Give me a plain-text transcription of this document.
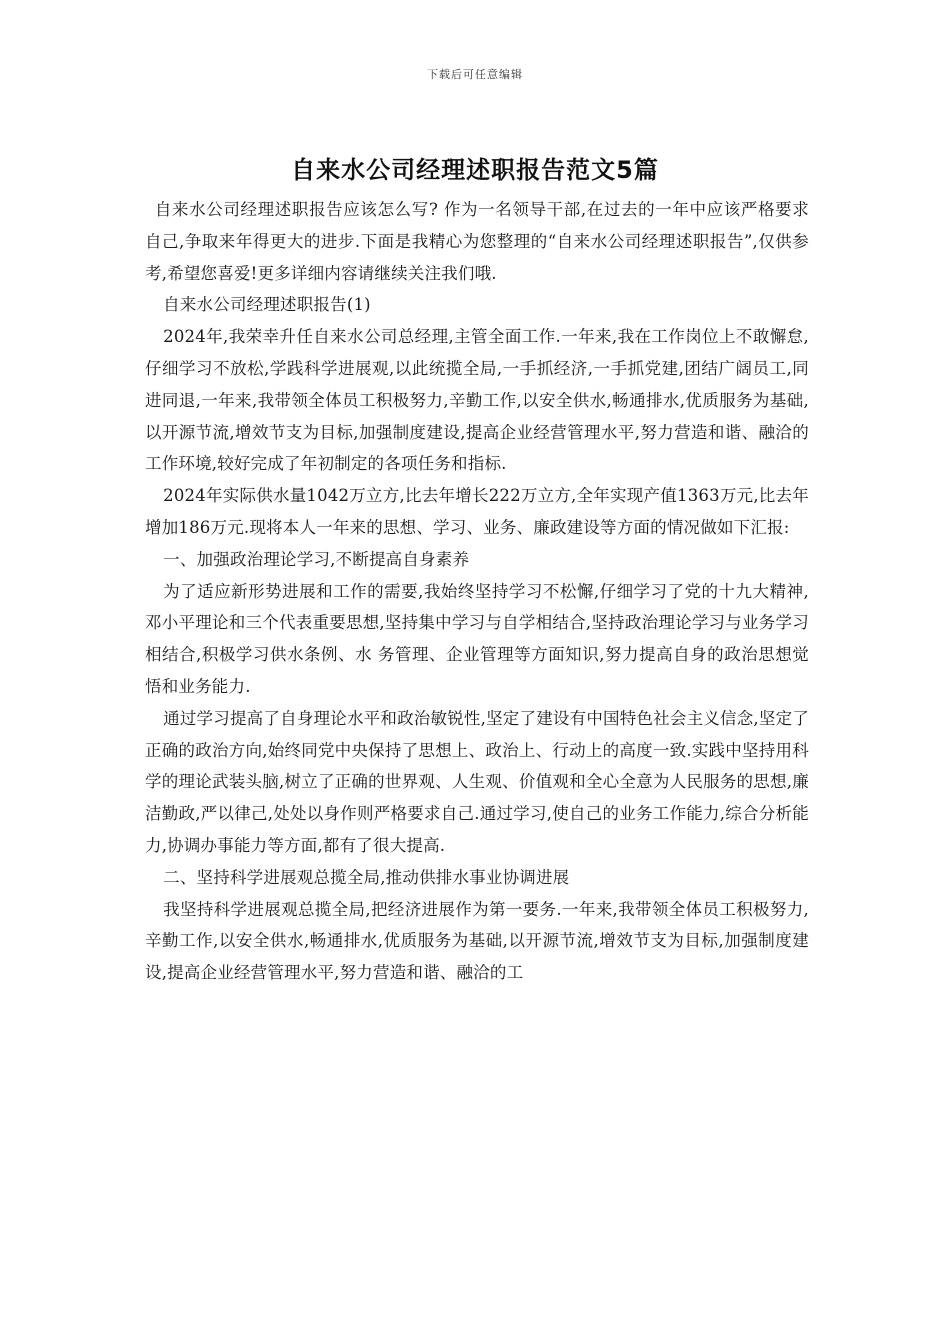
下载后可任意编辑
自来水公司经理述职报告范文5篇

自来水公司经理述职报告应该怎么写? 作为一名领导干部,在过去的一年中应该严格要求自己,争取来年得更大的进步.下面是我精心为您整理的“自来水公司经理述职报告”,仅供参考,希望您喜爱!更多详细内容请继续关注我们哦.

自来水公司经理述职报告(1)

2024年,我荣幸升任自来水公司总经理,主管全面工作.一年来,我在工作岗位上不敢懈怠,仔细学习不放松,学践科学进展观,以此统揽全局,一手抓经济,一手抓党建,团结广阔员工,同进同退,一年来,我带领全体员工积极努力,辛勤工作,以安全供水,畅通排水,优质服务为基础,以开源节流,增效节支为目标,加强制度建设,提高企业经营管理水平,努力营造和谐、融洽的工作环境,较好完成了年初制定的各项任务和指标.

2024年实际供水量1042万立方,比去年增长222万立方,全年实现产值1363万元,比去年增加186万元.现将本人一年来的思想、学习、业务、廉政建设等方面的情况做如下汇报:

一、加强政治理论学习,不断提高自身素养

为了适应新形势进展和工作的需要,我始终坚持学习不松懈,仔细学习了党的十九大精神,邓小平理论和三个代表重要思想,坚持集中学习与自学相结合,坚持政治理论学习与业务学习相结合,积极学习供水条例、水 务管理、企业管理等方面知识,努力提高自身的政治思想觉悟和业务能力.

通过学习提高了自身理论水平和政治敏锐性,坚定了建设有中国特色社会主义信念,坚定了正确的政治方向,始终同党中央保持了思想上、政治上、行动上的高度一致.实践中坚持用科学的理论武装头脑,树立了正确的世界观、人生观、价值观和全心全意为人民服务的思想,廉洁勤政,严以律己,处处以身作则严格要求自己.通过学习,使自己的业务工作能力,综合分析能力,协调办事能力等方面,都有了很大提高.

二、坚持科学进展观总揽全局,推动供排水事业协调进展

我坚持科学进展观总揽全局,把经济进展作为第一要务.一年来,我带领全体员工积极努力,辛勤工作,以安全供水,畅通排水,优质服务为基础,以开源节流,增效节支为目标,加强制度建设,提高企业经营管理水平,努力营造和谐、融洽的工
